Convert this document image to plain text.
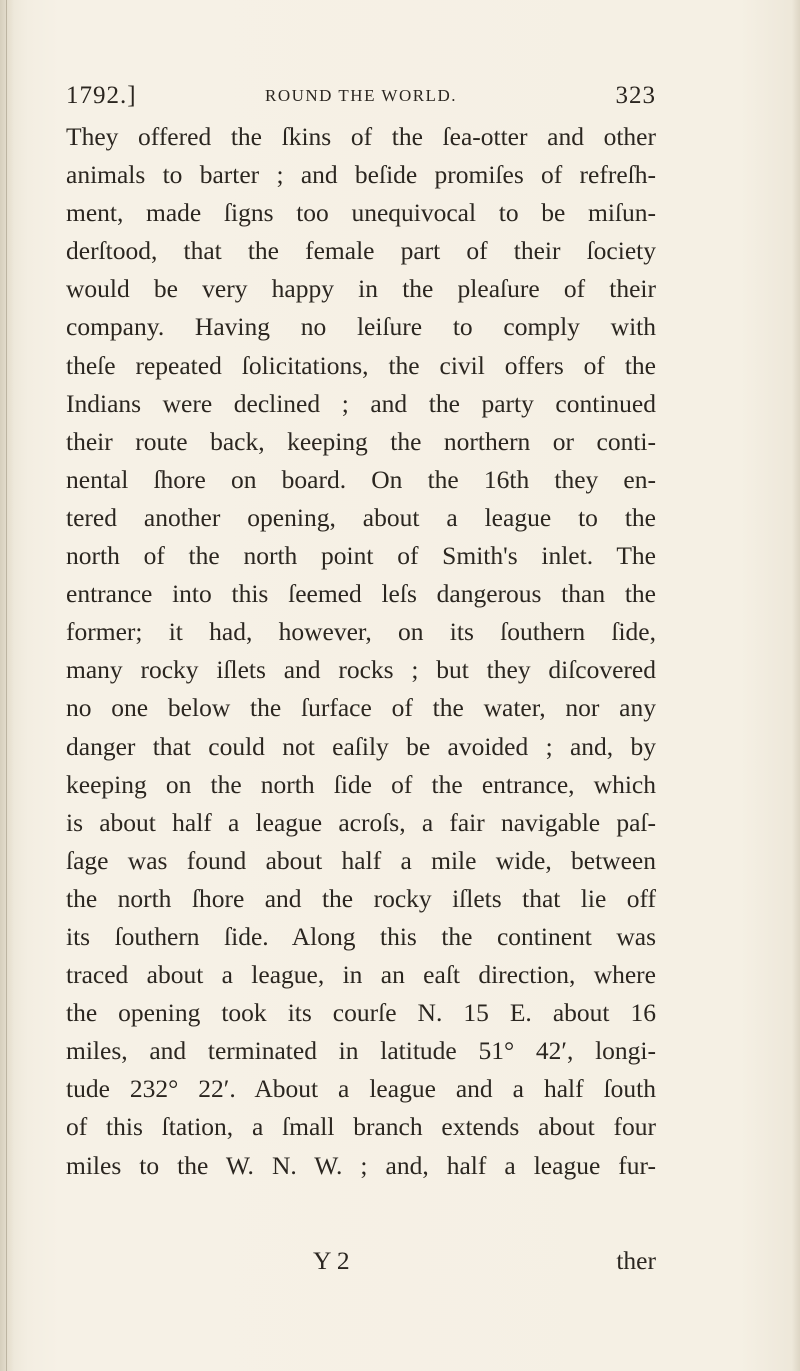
1792.]	ROUND THE WORLD.	323
They offered the ſkins of the ſea-otter and other
animals to barter ; and beſide promiſes of refreſh-
ment, made ſigns too unequivocal to be miſun-
derſtood, that the female part of their ſociety
would be very happy in the pleaſure of their
company. Having no leiſure to comply with
theſe repeated ſolicitations, the civil offers of the
Indians were declined ; and the party continued
their route back, keeping the northern or conti-
nental ſhore on board. On the 16th they en-
tered another opening, about a league to the
north of the north point of Smith's inlet. The
entrance into this ſeemed leſs dangerous than the
former; it had, however, on its ſouthern ſide,
many rocky iſlets and rocks ; but they diſcovered
no one below the ſurface of the water, nor any
danger that could not eaſily be avoided ; and, by
keeping on the north ſide of the entrance, which
is about half a league acroſs, a fair navigable paſ-
ſage was found about half a mile wide, between
the north ſhore and the rocky iſlets that lie off
its ſouthern ſide. Along this the continent was
traced about a league, in an eaſt direction, where
the opening took its courſe N. 15 E. about 16
miles, and terminated in latitude 51° 42′, longi-
tude 232° 22′. About a league and a half ſouth
of this ſtation, a ſmall branch extends about four
miles to the W. N. W. ; and, half a league fur-
Y 2	ther
